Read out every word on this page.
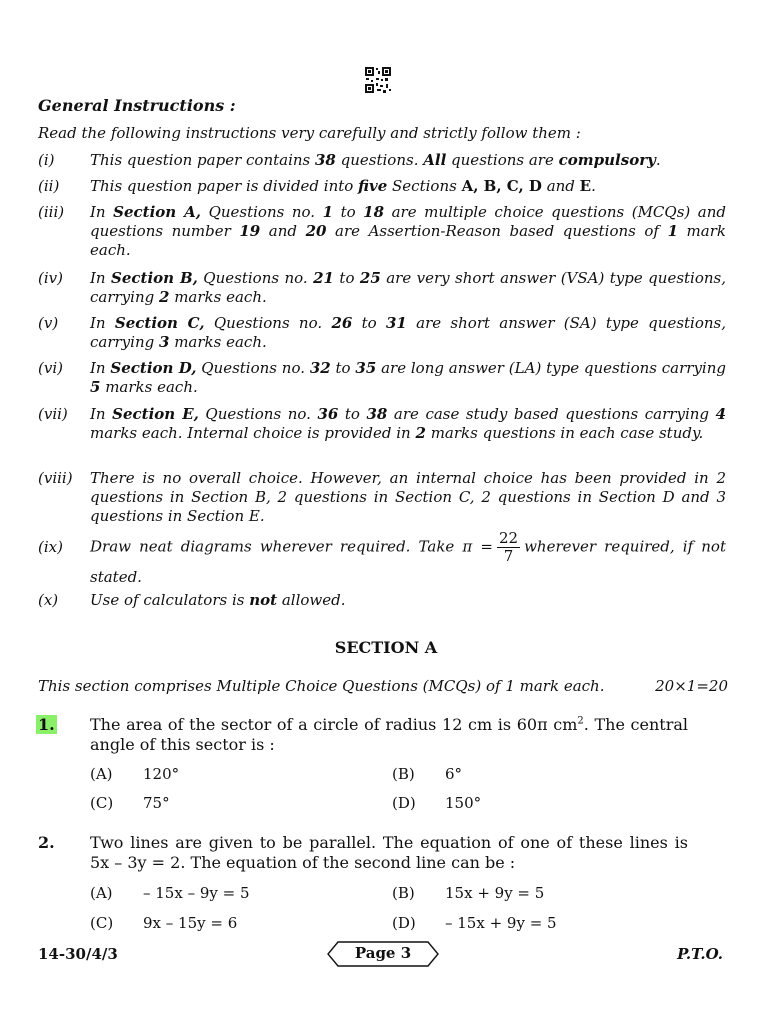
General Instructions :
Read the following instructions very carefully and strictly follow them :
(i) This question paper contains 38 questions. All questions are compulsory.
(ii) This question paper is divided into five Sections A, B, C, D and E.
(iii) In Section A, Questions no. 1 to 18 are multiple choice questions (MCQs) and questions number 19 and 20 are Assertion-Reason based questions of 1 mark each.
(iv) In Section B, Questions no. 21 to 25 are very short answer (VSA) type questions, carrying 2 marks each.
(v) In Section C, Questions no. 26 to 31 are short answer (SA) type questions, carrying 3 marks each.
(vi) In Section D, Questions no. 32 to 35 are long answer (LA) type questions carrying 5 marks each.
(vii) In Section E, Questions no. 36 to 38 are case study based questions carrying 4 marks each. Internal choice is provided in 2 marks questions in each case study.
(viii) There is no overall choice. However, an internal choice has been provided in 2 questions in Section B, 2 questions in Section C, 2 questions in Section D and 3 questions in Section E.
(ix) Draw neat diagrams wherever required. Take $\pi = \frac{22}{7}$ wherever required, if not stated.
(x) Use of calculators is not allowed.
SECTION A
This section comprises Multiple Choice Questions (MCQs) of 1 mark each.	20×1=20
1. The area of the sector of a circle of radius 12 cm is 60π $cm^2$. The central angle of this sector is :
(A) 120°	(B) 6°
(C) 75°	(D) 150°
2. Two lines are given to be parallel. The equation of one of these lines is 5x – 3y = 2. The equation of the second line can be :
(A) – 15x – 9y = 5	(B) 15x + 9y = 5
(C) 9x – 15y = 6	(D) – 15x + 9y = 5
14-30/4/3	Page 3	P.T.O.
